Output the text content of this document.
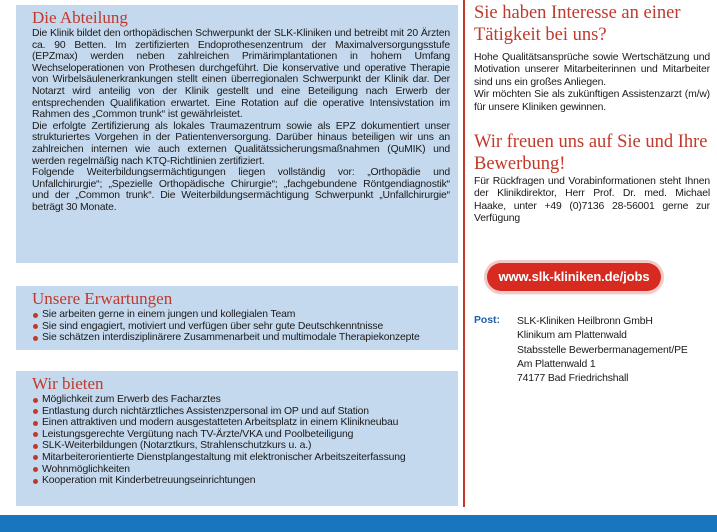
Die Abteilung

Die Klinik bildet den orthopädischen Schwerpunkt der SLK-Kliniken und betreibt mit 20 Ärzten ca. 90 Betten. Im zertifizierten Endoprothesenzentrum der Maximalversorgungsstufe (EPZmax) werden neben zahlreichen Primärimplantationen in hohem Umfang Wechseloperationen von Prothesen durchgeführt. Die konservative und operative Therapie von Wirbelsäulenerkrankungen stellt einen überregionalen Schwerpunkt der Klinik dar. Der Notarzt wird anteilig von der Klinik gestellt und eine Beteiligung nach Erwerb der entsprechenden Qualifikation erwartet. Eine Rotation auf die operative Intensivstation im Rahmen des „Common trunk“ ist gewährleistet.

Die erfolgte Zertifizierung als lokales Traumazentrum sowie als EPZ dokumentiert unser strukturiertes Vorgehen in der Patientenversorgung. Darüber hinaus beteiligen wir uns an zahlreichen internen wie auch externen Qualitätssicherungsmaßnahmen (QuMIK) und werden regelmäßig nach KTQ-Richtlinien zertifiziert.

Folgende Weiterbildungsermächtigungen liegen vollständig vor: „Orthopädie und Unfallchirurgie“; „Spezielle Orthopädische Chirurgie“; „fachgebundene Röntgendiagnostik“ und der „Common trunk“. Die Weiterbildungsermächtigung Schwerpunkt „Unfallchirurgie“ beträgt 30 Monate.

Unsere Erwartungen
Sie arbeiten gerne in einem jungen und kollegialen Team
Sie sind engagiert, motiviert und verfügen über sehr gute Deutschkenntnisse
Sie schätzen interdisziplinärere Zusammenarbeit und multimodale Therapiekonzepte
Wir bieten
Möglichkeit zum Erwerb des Facharztes
Entlastung durch nichtärztliches Assistenzpersonal im OP und auf Station
Einen attraktiven und modern ausgestatteten Arbeitsplatz in einem Klinikneubau
Leistungsgerechte Vergütung nach TV-Ärzte/VKA und Poolbeteiligung
SLK-Weiterbildungen (Notarztkurs, Strahlenschutzkurs u. a.)
Mitarbeiterorientierte Dienstplangestaltung mit elektronischer Arbeitszeiterfassung
Wohnmöglichkeiten
Kooperation mit Kinderbetreuungseinrichtungen
Sie haben Interesse an einer Tätigkeit bei uns?

Hohe Qualitätsansprüche sowie Wertschätzung und Motivation unserer Mitarbeiterinnen und Mitarbeiter sind uns ein großes Anliegen.

Wir möchten Sie als zukünftigen Assistenzarzt (m/w) für unsere Kliniken gewinnen.

Wir freuen uns auf Sie und Ihre Bewerbung!

Für Rückfragen und Vorabinformationen steht Ihnen der Klinikdirektor, Herr Prof. Dr. med. Michael Haake, unter +49 (0)7136 28-56001 gerne zur Verfügung

www.slk-kliniken.de/jobs
Post: SLK-Kliniken Heilbronn GmbH
Klinikum am Plattenwald
Stabsstelle Bewerbermanagement/PE
Am Plattenwald 1
74177 Bad Friedrichshall
